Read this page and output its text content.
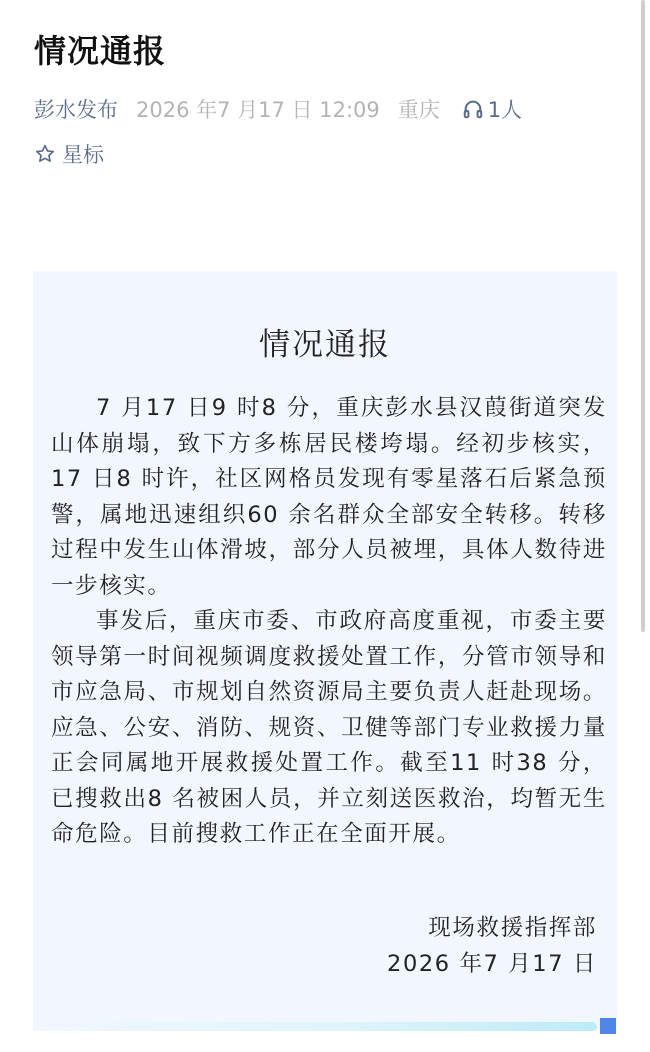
情况通报
彭水发布 2026 年7 月17 日 12:09 重庆 1人
星标
情况通报

7 月17 日9 时8 分，重庆彭水县汉葭街道突发山体崩塌，致下方多栋居民楼垮塌。经初步核实，17 日8 时许，社区网格员发现有零星落石后紧急预警，属地迅速组织60 余名群众全部安全转移。转移过程中发生山体滑坡，部分人员被埋，具体人数待进一步核实。

事发后，重庆市委、市政府高度重视，市委主要领导第一时间视频调度救援处置工作，分管市领导和市应急局、市规划自然资源局主要负责人赶赴现场。应急、公安、消防、规资、卫健等部门专业救援力量正会同属地开展救援处置工作。截至11 时38 分，已搜救出8 名被困人员，并立刻送医救治，均暂无生命危险。目前搜救工作正在全面开展。

现场救援指挥部
2026 年7 月17 日
